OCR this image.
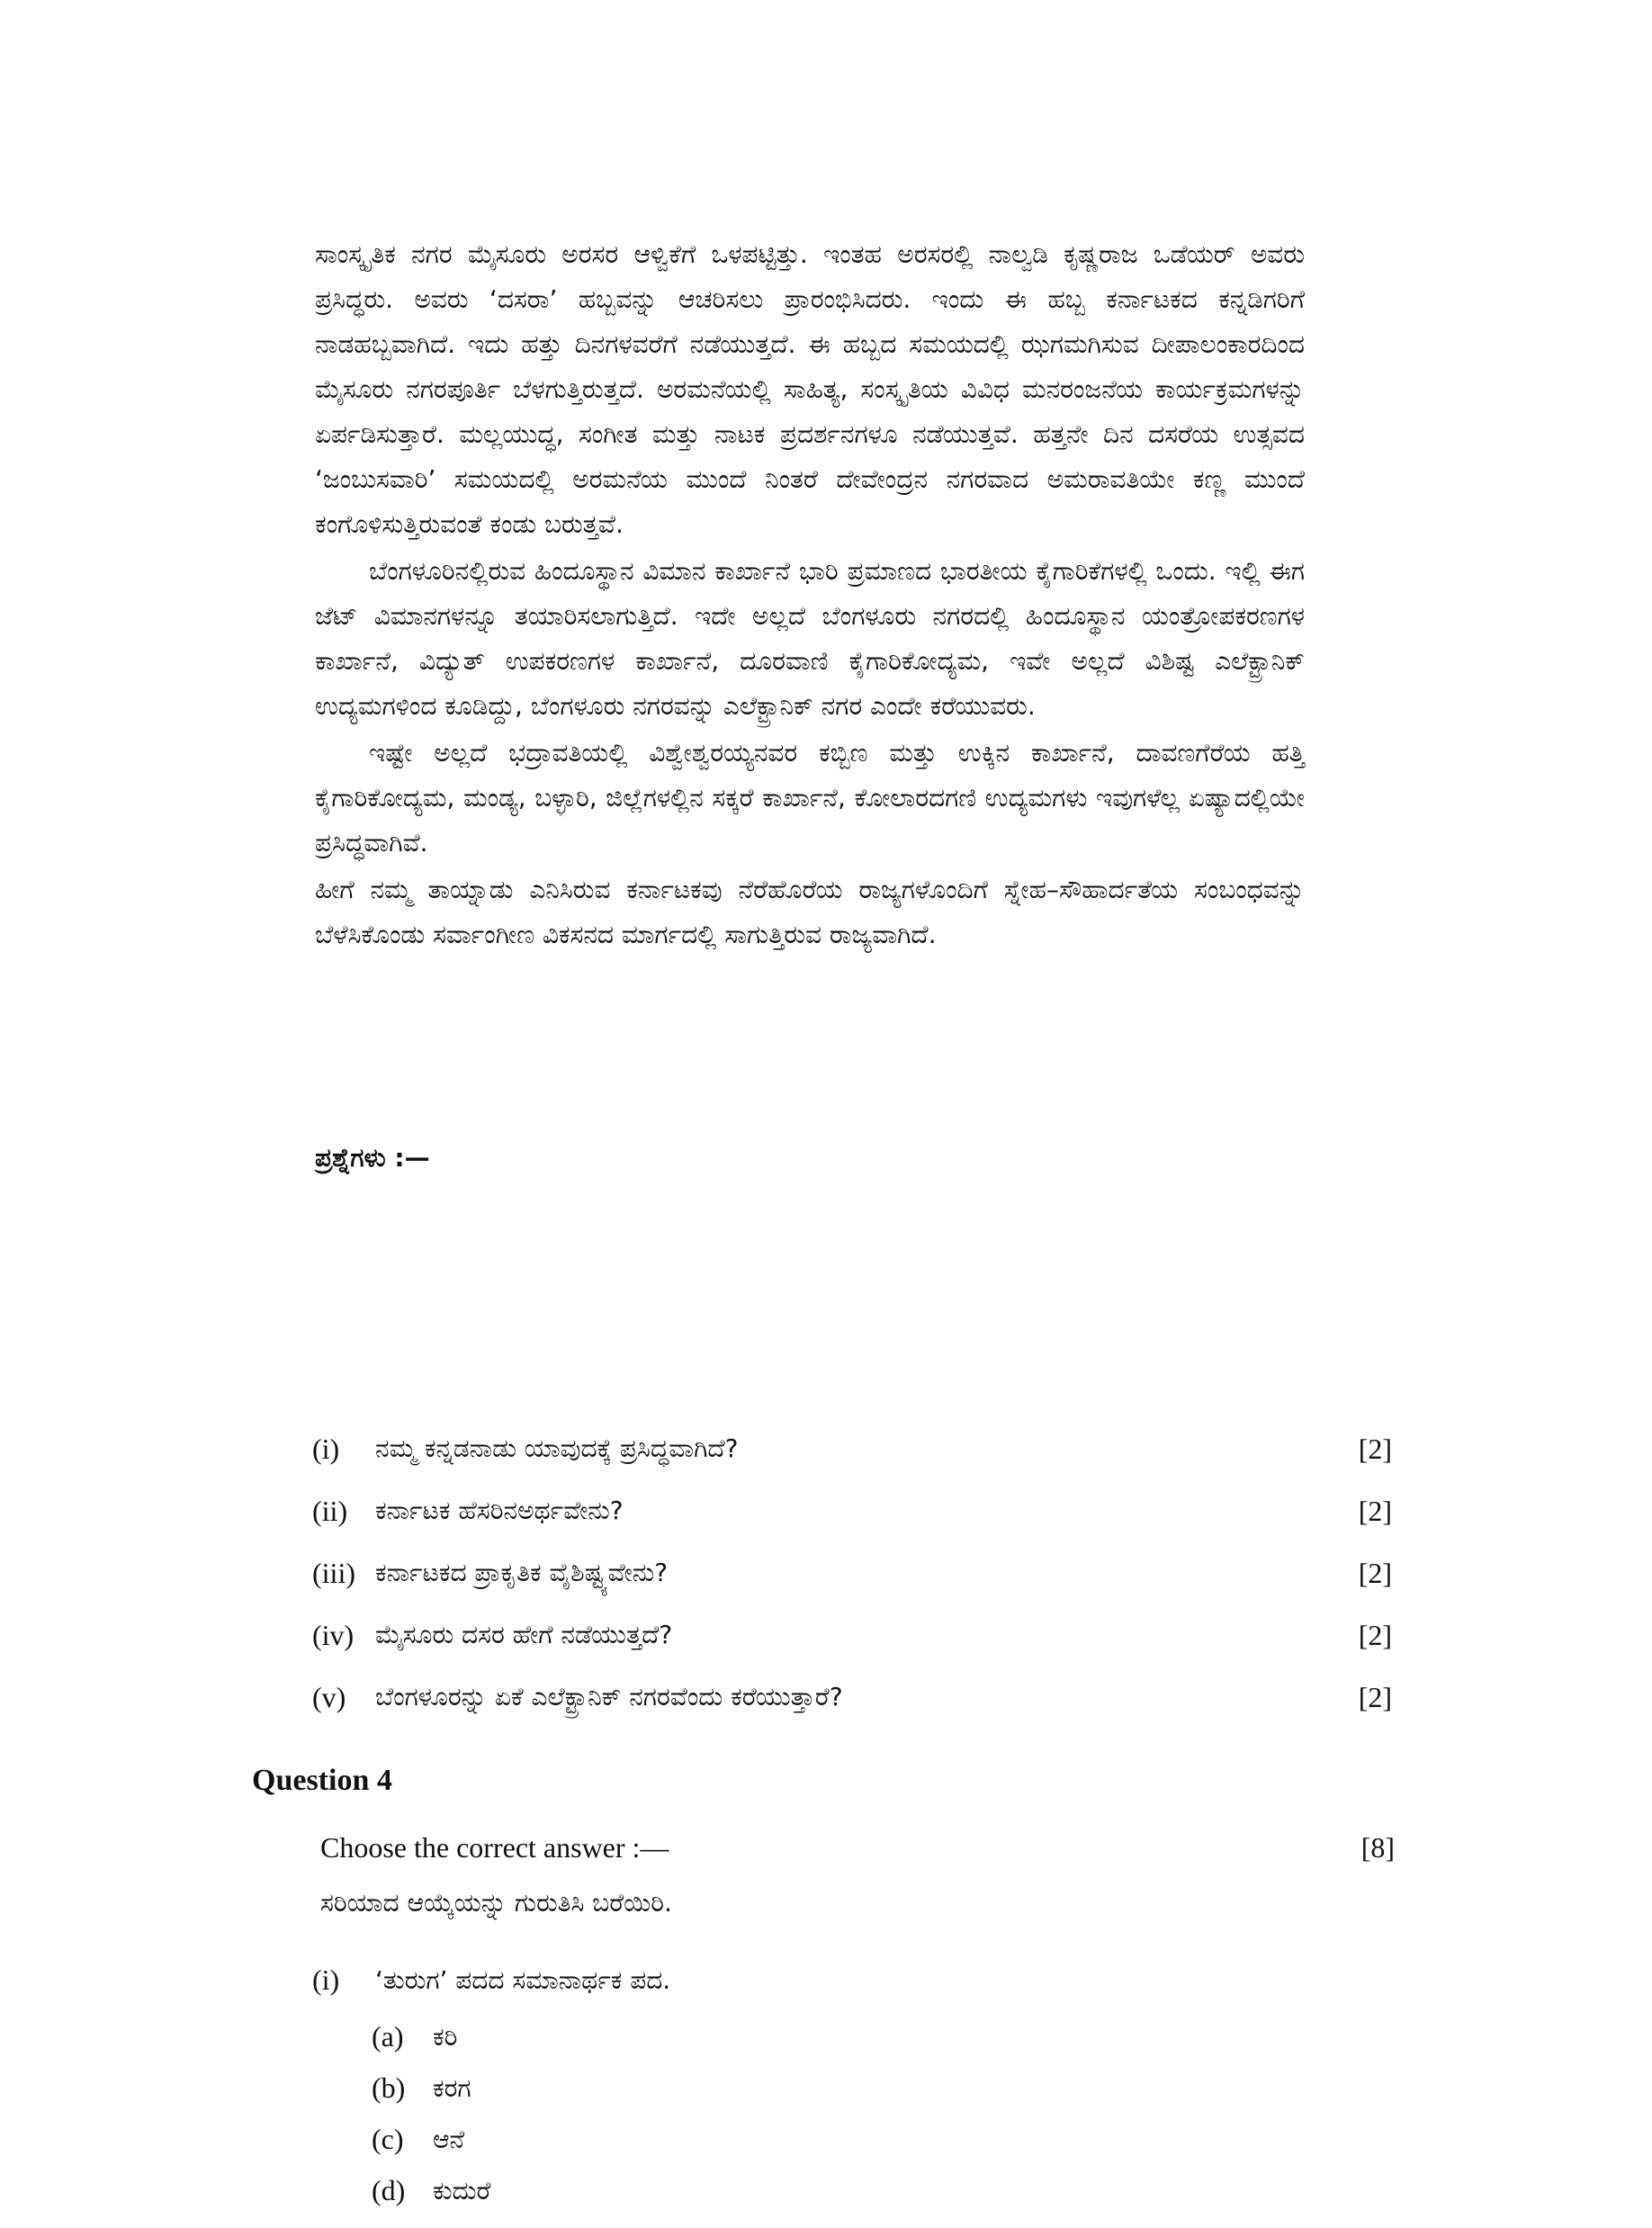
ಸಾಂಸ್ಕೃತಿಕ ನಗರ ಮೈಸೂರು ಅರಸರ ಆಳ್ವಿಕೆಗೆ ಒಳಪಟ್ಟಿತ್ತು. ಇಂತಹ ಅರಸರಲ್ಲಿ ನಾಲ್ವಡಿ ಕೃಷ್ಣರಾಜ ಒಡೆಯರ್ ಅವರು ಪ್ರಸಿದ್ಧರು. ಅವರು ‘ದಸರಾ’ ಹಬ್ಬವನ್ನು ಆಚರಿಸಲು ಪ್ರಾರಂಭಿಸಿದರು. ಇಂದು ಈ ಹಬ್ಬ ಕರ್ನಾಟಕದ ಕನ್ನಡಿಗರಿಗೆ ನಾಡಹಬ್ಬವಾಗಿದೆ. ಇದು ಹತ್ತು ದಿನಗಳವರೆಗೆ ನಡೆಯುತ್ತದೆ. ಈ ಹಬ್ಬದ ಸಮಯದಲ್ಲಿ ಝಗಮಗಿಸುವ ದೀಪಾಲಂಕಾರದಿಂದ ಮೈಸೂರು ನಗರಪೂರ್ತಿ ಬೆಳಗುತ್ತಿರುತ್ತದೆ. ಅರಮನೆಯಲ್ಲಿ ಸಾಹಿತ್ಯ, ಸಂಸ್ಕೃತಿಯ ವಿವಿಧ ಮನರಂಜನೆಯ ಕಾರ್ಯಕ್ರಮಗಳನ್ನು ಏರ್ಪಡಿಸುತ್ತಾರೆ. ಮಲ್ಲಯುದ್ಧ, ಸಂಗೀತ ಮತ್ತು ನಾಟಕ ಪ್ರದರ್ಶನಗಳೂ ನಡೆಯುತ್ತವೆ. ಹತ್ತನೇ ದಿನ ದಸರೆಯ ಉತ್ಸವದ ‘ಜಂಬುಸವಾರಿ’ ಸಮಯದಲ್ಲಿ ಅರಮನೆಯ ಮುಂದೆ ನಿಂತರೆ ದೇವೇಂದ್ರನ ನಗರವಾದ ಅಮರಾವತಿಯೇ ಕಣ್ಣ ಮುಂದೆ ಕಂಗೊಳಿಸುತ್ತಿರುವಂತೆ ಕಂಡು ಬರುತ್ತವೆ.

ಬೆಂಗಳೂರಿನಲ್ಲಿರುವ ಹಿಂದೂಸ್ಥಾನ ವಿಮಾನ ಕಾರ್ಖಾನೆ ಭಾರಿ ಪ್ರಮಾಣದ ಭಾರತೀಯ ಕೈಗಾರಿಕೆಗಳಲ್ಲಿ ಒಂದು. ಇಲ್ಲಿ ಈಗ ಜೆಟ್ ವಿಮಾನಗಳನ್ನೂ ತಯಾರಿಸಲಾಗುತ್ತಿದೆ. ಇದೇ ಅಲ್ಲದೆ ಬೆಂಗಳೂರು ನಗರದಲ್ಲಿ ಹಿಂದೂಸ್ಥಾನ ಯಂತ್ರೋಪಕರಣಗಳ ಕಾರ್ಖಾನೆ, ವಿದ್ಯುತ್ ಉಪಕರಣಗಳ ಕಾರ್ಖಾನೆ, ದೂರವಾಣಿ ಕೈಗಾರಿಕೋದ್ಯಮ, ಇವೇ ಅಲ್ಲದೆ ವಿಶಿಷ್ಟ ಎಲೆಕ್ಟ್ರಾನಿಕ್ ಉದ್ಯಮಗಳಿಂದ ಕೂಡಿದ್ದು, ಬೆಂಗಳೂರು ನಗರವನ್ನು ಎಲೆಕ್ಟ್ರಾನಿಕ್ ನಗರ ಎಂದೇ ಕರೆಯುವರು.

ಇಷ್ಟೇ ಅಲ್ಲದೆ ಭದ್ರಾವತಿಯಲ್ಲಿ ವಿಶ್ವೇಶ್ವರಯ್ಯನವರ ಕಬ್ಬಿಣ ಮತ್ತು ಉಕ್ಕಿನ ಕಾರ್ಖಾನೆ, ದಾವಣಗೆರೆಯ ಹತ್ತಿ ಕೈಗಾರಿಕೋದ್ಯಮ, ಮಂಡ್ಯ, ಬಳ್ಳಾರಿ, ಜಿಲ್ಲೆಗಳಲ್ಲಿನ ಸಕ್ಕರೆ ಕಾರ್ಖಾನೆ, ಕೋಲಾರದಗಣಿ ಉದ್ಯಮಗಳು ಇವುಗಳೆಲ್ಲ ಏಷ್ಯಾದಲ್ಲಿಯೇ ಪ್ರಸಿದ್ಧವಾಗಿವೆ.

ಹೀಗೆ ನಮ್ಮ ತಾಯ್ನಾಡು ಎನಿಸಿರುವ ಕರ್ನಾಟಕವು ನೆರೆಹೊರೆಯ ರಾಜ್ಯಗಳೊಂದಿಗೆ ಸ್ನೇಹ–ಸೌಹಾರ್ದತೆಯ ಸಂಬಂಧವನ್ನು ಬೆಳೆಸಿಕೊಂಡು ಸರ್ವಾಂಗೀಣ ವಿಕಸನದ ಮಾರ್ಗದಲ್ಲಿ ಸಾಗುತ್ತಿರುವ ರಾಜ್ಯವಾಗಿದೆ.

ಪ್ರಶ್ನೆಗಳು :—
(i)	ನಮ್ಮ ಕನ್ನಡನಾಡು ಯಾವುದಕ್ಕೆ ಪ್ರಸಿದ್ಧವಾಗಿದೆ?	[2]
(ii)	ಕರ್ನಾಟಕ ಹೆಸರಿನಅರ್ಥವೇನು?	[2]
(iii) ಕರ್ನಾಟಕದ ಪ್ರಾಕೃತಿಕ ವೈಶಿಷ್ಟ್ಯವೇನು?	[2]
(iv) ಮೈಸೂರು ದಸರ ಹೇಗೆ ನಡೆಯುತ್ತದೆ?	[2]
(v)	ಬೆಂಗಳೂರನ್ನು ಏಕೆ ಎಲೆಕ್ಟ್ರಾನಿಕ್ ನಗರವೆಂದು ಕರೆಯುತ್ತಾರೆ?	[2]
Question 4
Choose the correct answer :—	[8]
ಸರಿಯಾದ ಆಯ್ಕೆಯನ್ನು ಗುರುತಿಸಿ ಬರೆಯಿರಿ.
(i)	‘ತುರುಗ’ ಪದದ ಸಮಾನಾರ್ಥಕ ಪದ.
(a)	ಕರಿ
(b)	ಕರಗ
(c)	ಆನೆ
(d)	ಕುದುರೆ
